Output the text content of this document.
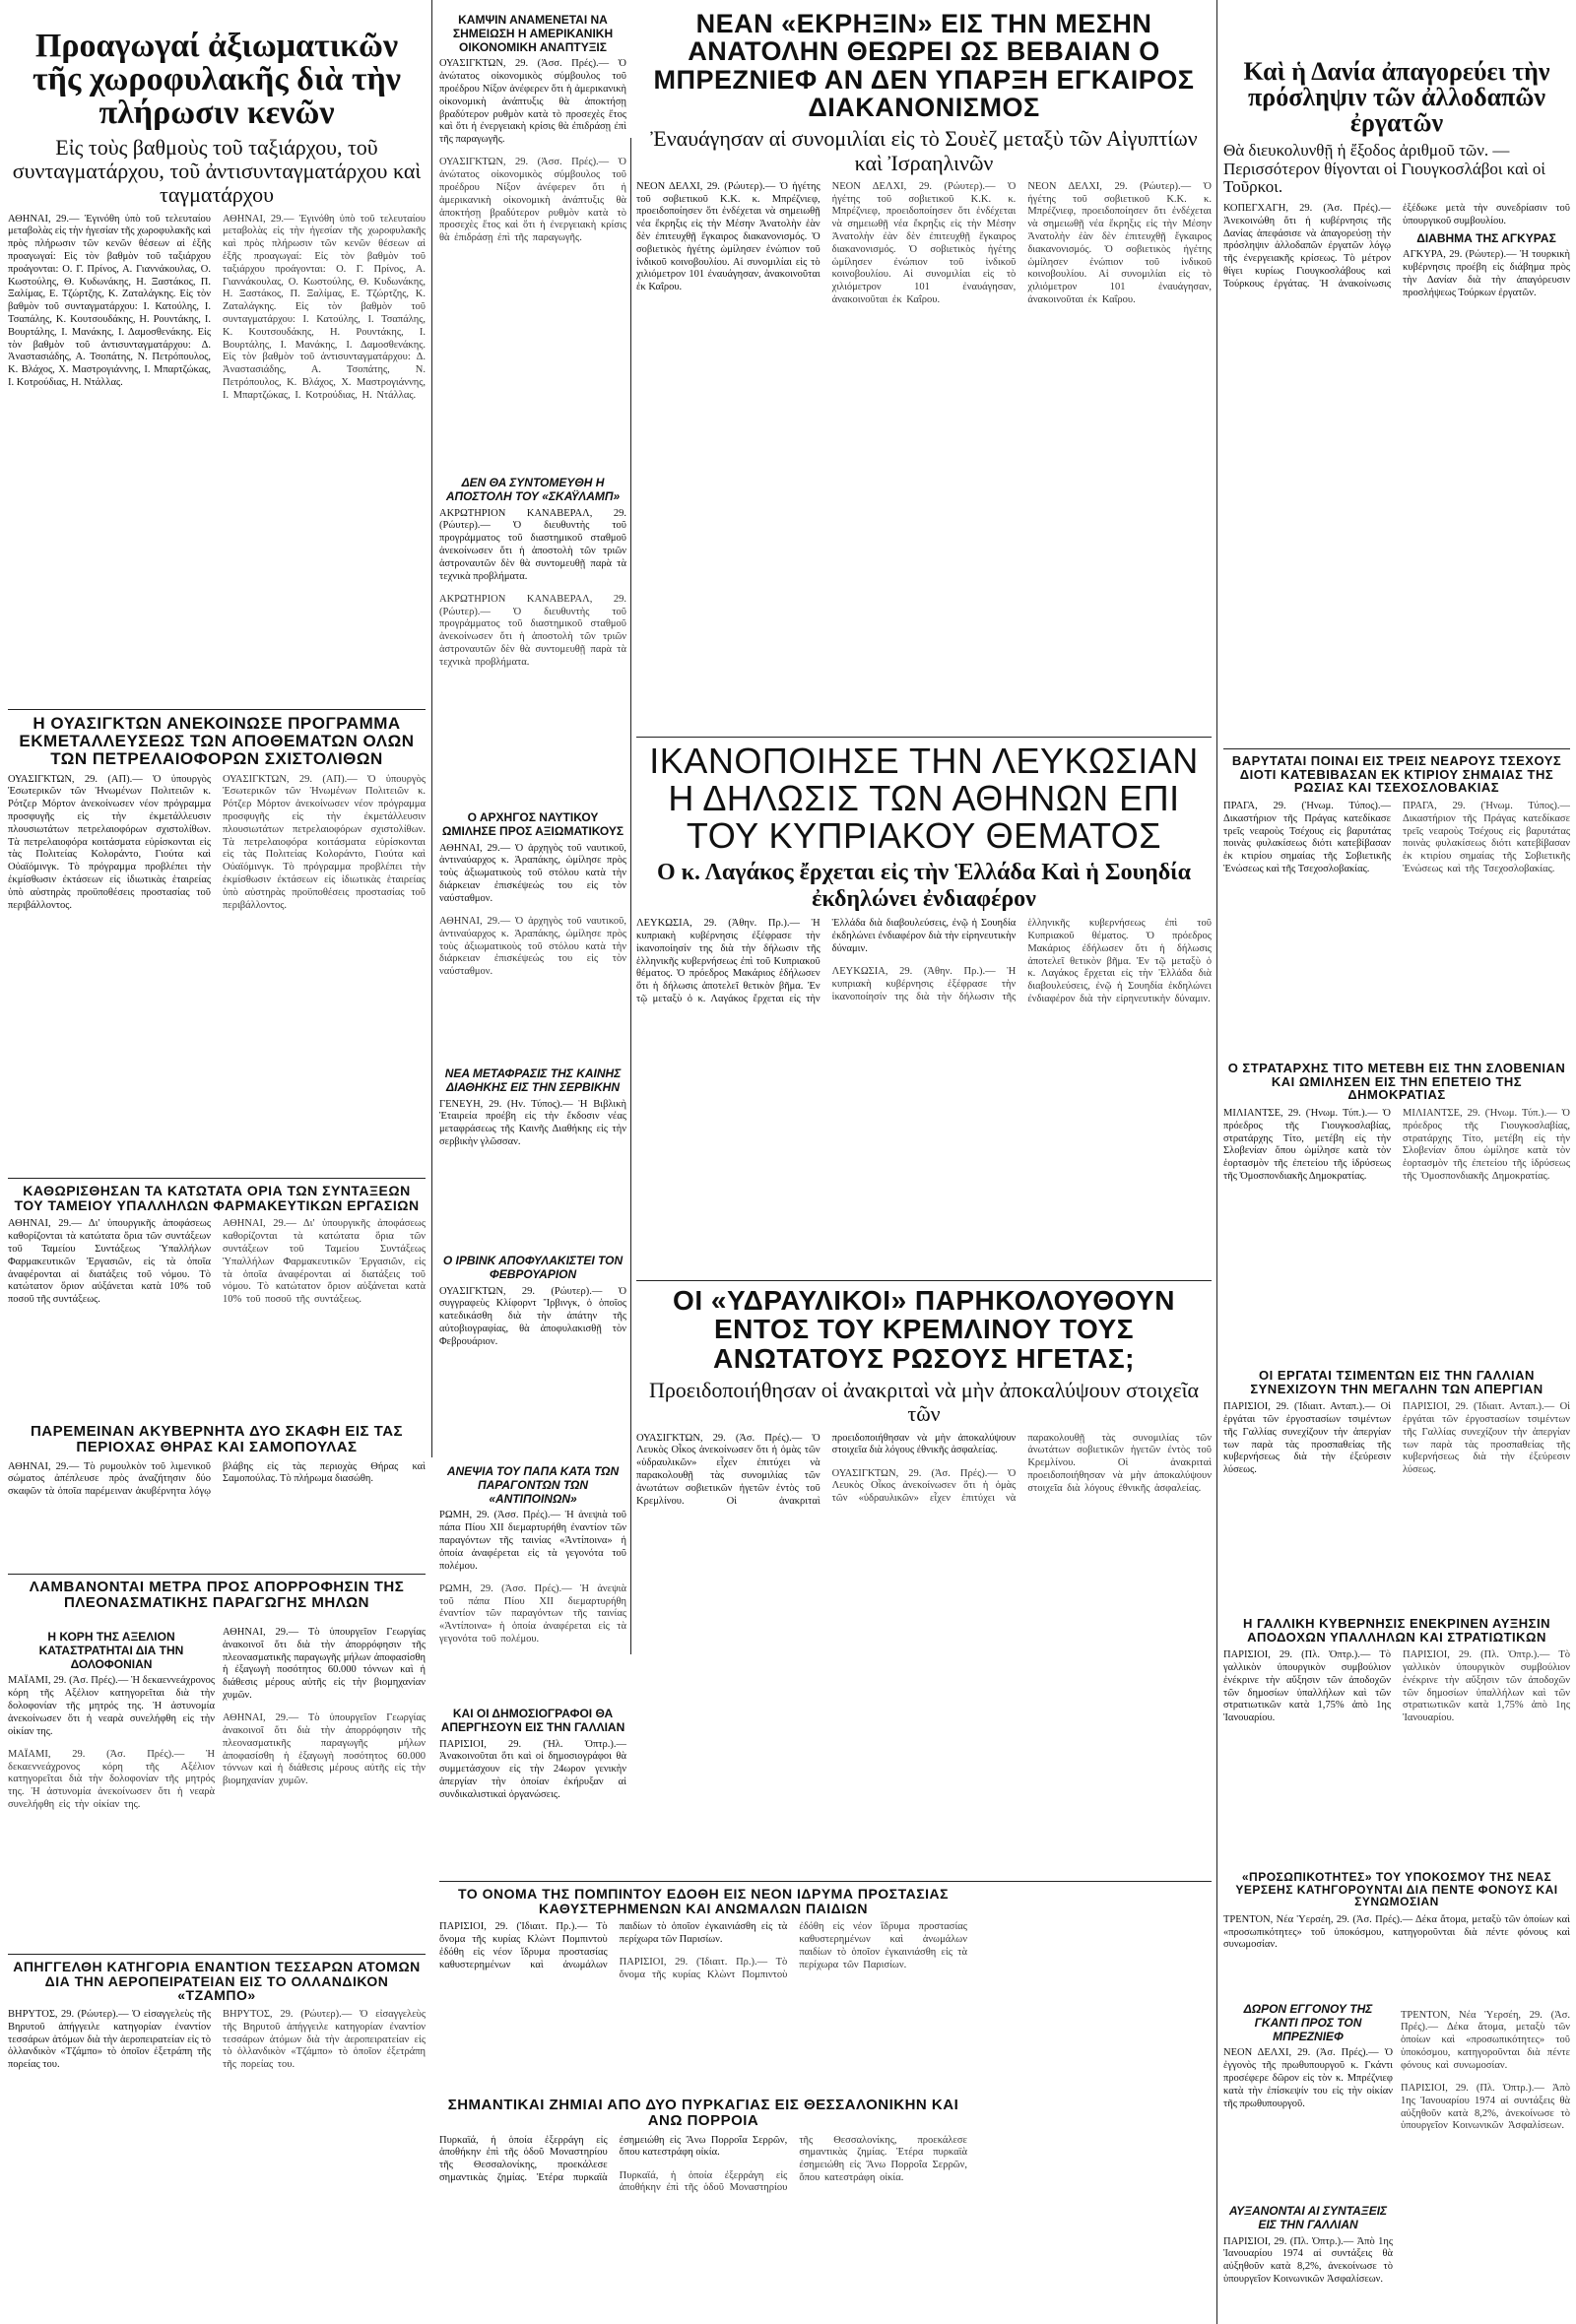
Προαγωγαί ἀξιωματικῶν τῆς χωροφυλακῆς διὰ τὴν πλήρωσιν κενῶν

Εἰς τοὺς βαθμοὺς τοῦ ταξιάρχου, τοῦ συνταγματάρχου, τοῦ ἀντισυνταγματάρχου καὶ ταγματάρχου

ΑΘΗΝΑΙ, 29.— Ἐγινόθη ὑπὸ τοῦ τελευταίου μεταβολὰς εἰς τὴν ἡγεσίαν τῆς χωροφυλακῆς καὶ πρὸς πλήρωσιν τῶν κενῶν θέσεων αἱ ἑξῆς προαγωγαί: Εἰς τὸν βαθμὸν τοῦ ταξιάρχου προάγονται: Ο. Γ. Πρίνος, Α. Γιαννάκουλας, Ο. Κωστούλης, Θ. Κυδωνάκης, Η. Ξαστάκος, Π. Ξαλίμας, Ε. Τζώρτζης, Κ. Ζαταλάγκης. Εἰς τὸν βαθμὸν τοῦ συνταγματάρχου: Ι. Κατούλης, Ι. Τσαπάλης, Κ. Κουτσουδάκης, Η. Ρουντάκης, Ι. Βουρτάλης, Ι. Μανάκης, Ι. Δαμοσθενάκης. Εἰς τὸν βαθμὸν τοῦ ἀντισυνταγματάρχου: Δ. Ἀναστασιάδης, Α. Τσοπάτης, Ν. Πετρόπουλος, Κ. Βλάχος, Χ. Μαστρογιάννης, Ι. Μπαρτζώκας, Ι. Κοτρούδιας, Η. Ντάλλας.

ΑΘΗΝΑΙ, 29.— Ἐγινόθη ὑπὸ τοῦ τελευταίου μεταβολὰς εἰς τὴν ἡγεσίαν τῆς χωροφυλακῆς καὶ πρὸς πλήρωσιν τῶν κενῶν θέσεων αἱ ἑξῆς προαγωγαί: Εἰς τὸν βαθμὸν τοῦ ταξιάρχου προάγονται: Ο. Γ. Πρίνος, Α. Γιαννάκουλας, Ο. Κωστούλης, Θ. Κυδωνάκης, Η. Ξαστάκος, Π. Ξαλίμας, Ε. Τζώρτζης, Κ. Ζαταλάγκης. Εἰς τὸν βαθμὸν τοῦ συνταγματάρχου: Ι. Κατούλης, Ι. Τσαπάλης, Κ. Κουτσουδάκης, Η. Ρουντάκης, Ι. Βουρτάλης, Ι. Μανάκης, Ι. Δαμοσθενάκης. Εἰς τὸν βαθμὸν τοῦ ἀντισυνταγματάρχου: Δ. Ἀναστασιάδης, Α. Τσοπάτης, Ν. Πετρόπουλος, Κ. Βλάχος, Χ. Μαστρογιάννης, Ι. Μπαρτζώκας, Ι. Κοτρούδιας, Η. Ντάλλας.

Η ΟΥΑΣΙΓΚΤΩΝ ΑΝΕΚΟΙΝΩΣΕ ΠΡΟΓΡΑΜΜΑ ΕΚΜΕΤΑΛΛΕΥΣΕΩΣ ΤΩΝ ΑΠΟΘΕΜΑΤΩΝ ΟΛΩΝ ΤΩΝ ΠΕΤΡΕΛΑΙΟΦΟΡΩΝ ΣΧΙΣΤΟΛΙΘΩΝ

ΟΥΑΣΙΓΚΤΩΝ, 29. (ΑΠ).— Ὁ ὑπουργὸς Ἐσωτερικῶν τῶν Ἡνωμένων Πολιτειῶν κ. Ρότζερ Μόρτον ἀνεκοίνωσεν νέον πρόγραμμα προσφυγῆς εἰς τὴν ἐκμετάλλευσιν πλουσιωτάτων πετρελαιοφόρων σχιστολίθων. Τὰ πετρελαιοφόρα κοιτάσματα εὑρίσκονται εἰς τὰς Πολιτείας Κολοράντο, Γιούτα καὶ Οὐαϊόμινγκ. Τὸ πρόγραμμα προβλέπει τὴν ἐκμίσθωσιν ἐκτάσεων εἰς ἰδιωτικὰς ἑταιρείας ὑπὸ αὐστηρὰς προϋποθέσεις προστασίας τοῦ περιβάλλοντος.

ΟΥΑΣΙΓΚΤΩΝ, 29. (ΑΠ).— Ὁ ὑπουργὸς Ἐσωτερικῶν τῶν Ἡνωμένων Πολιτειῶν κ. Ρότζερ Μόρτον ἀνεκοίνωσεν νέον πρόγραμμα προσφυγῆς εἰς τὴν ἐκμετάλλευσιν πλουσιωτάτων πετρελαιοφόρων σχιστολίθων. Τὰ πετρελαιοφόρα κοιτάσματα εὑρίσκονται εἰς τὰς Πολιτείας Κολοράντο, Γιούτα καὶ Οὐαϊόμινγκ. Τὸ πρόγραμμα προβλέπει τὴν ἐκμίσθωσιν ἐκτάσεων εἰς ἰδιωτικὰς ἑταιρείας ὑπὸ αὐστηρὰς προϋποθέσεις προστασίας τοῦ περιβάλλοντος.

ΚΑΘΩΡΙΣΘΗΣΑΝ ΤΑ ΚΑΤΩΤΑΤΑ ΟΡΙΑ ΤΩΝ ΣΥΝΤΑΞΕΩΝ ΤΟΥ ΤΑΜΕΙΟΥ ΥΠΑΛΛΗΛΩΝ ΦΑΡΜΑΚΕΥΤΙΚΩΝ ΕΡΓΑΣΙΩΝ

ΑΘΗΝΑΙ, 29.— Δι' ὑπουργικῆς ἀποφάσεως καθορίζονται τὰ κατώτατα ὅρια τῶν συντάξεων τοῦ Ταμείου Συντάξεως Ὑπαλλήλων Φαρμακευτικῶν Ἐργασιῶν, εἰς τὰ ὁποῖα ἀναφέρονται αἱ διατάξεις τοῦ νόμου. Τὸ κατώτατον ὅριον αὐξάνεται κατὰ 10% τοῦ ποσοῦ τῆς συντάξεως.

ΑΘΗΝΑΙ, 29.— Δι' ὑπουργικῆς ἀποφάσεως καθορίζονται τὰ κατώτατα ὅρια τῶν συντάξεων τοῦ Ταμείου Συντάξεως Ὑπαλλήλων Φαρμακευτικῶν Ἐργασιῶν, εἰς τὰ ὁποῖα ἀναφέρονται αἱ διατάξεις τοῦ νόμου. Τὸ κατώτατον ὅριον αὐξάνεται κατὰ 10% τοῦ ποσοῦ τῆς συντάξεως.

ΠΑΡΕΜΕΙΝΑΝ ΑΚΥΒΕΡΝΗΤΑ ΔΥΟ ΣΚΑΦΗ ΕΙΣ ΤΑΣ ΠΕΡΙΟΧΑΣ ΘΗΡΑΣ ΚΑΙ ΣΑΜΟΠΟΥΛΑΣ

ΑΘΗΝΑΙ, 29.— Τὸ ρυμουλκὸν τοῦ λιμενικοῦ σώματος ἀπέπλευσε πρὸς ἀναζήτησιν δύο σκαφῶν τὰ ὁποῖα παρέμειναν ἀκυβέρνητα λόγῳ βλάβης εἰς τὰς περιοχὰς Θήρας καὶ Σαμοπούλας. Τὸ πλήρωμα διασώθη.

ΛΑΜΒΑΝΟΝΤΑΙ ΜΕΤΡΑ ΠΡΟΣ ΑΠΟΡΡΟΦΗΣΙΝ ΤΗΣ ΠΛΕΟΝΑΣΜΑΤΙΚΗΣ ΠΑΡΑΓΩΓΗΣ ΜΗΛΩΝ
Η ΚΟΡΗ ΤΗΣ ΑΞΕΛΙΟΝ ΚΑΤΑΣΤΡΑΤΗΤΑΙ ΔΙΑ ΤΗΝ ΔΟΛΟΦΟΝΙΑΝ

ΜΑΪΑΜΙ, 29. (Ἀσ. Πρές).— Ἡ δεκαεννεάχρονος κόρη τῆς Αξέλιον κατηγορεῖται διὰ τὴν δολοφονίαν τῆς μητρός της. Ἡ ἀστυνομία ἀνεκοίνωσεν ὅτι ἡ νεαρὰ συνελήφθη εἰς τὴν οἰκίαν της.

ΜΑΪΑΜΙ, 29. (Ἀσ. Πρές).— Ἡ δεκαεννεάχρονος κόρη τῆς Αξέλιον κατηγορεῖται διὰ τὴν δολοφονίαν τῆς μητρός της. Ἡ ἀστυνομία ἀνεκοίνωσεν ὅτι ἡ νεαρὰ συνελήφθη εἰς τὴν οἰκίαν της.

ΑΘΗΝΑΙ, 29.— Τὸ ὑπουργεῖον Γεωργίας ἀνακοινοῖ ὅτι διὰ τὴν ἀπορρόφησιν τῆς πλεονασματικῆς παραγωγῆς μήλων ἀποφασίσθη ἡ ἐξαγωγὴ ποσότητος 60.000 τόννων καὶ ἡ διάθεσις μέρους αὐτῆς εἰς τὴν βιομηχανίαν χυμῶν.

ΑΘΗΝΑΙ, 29.— Τὸ ὑπουργεῖον Γεωργίας ἀνακοινοῖ ὅτι διὰ τὴν ἀπορρόφησιν τῆς πλεονασματικῆς παραγωγῆς μήλων ἀποφασίσθη ἡ ἐξαγωγὴ ποσότητος 60.000 τόννων καὶ ἡ διάθεσις μέρους αὐτῆς εἰς τὴν βιομηχανίαν χυμῶν.

ΑΠΗΓΓΕΛΘΗ ΚΑΤΗΓΟΡΙΑ ΕΝΑΝΤΙΟΝ ΤΕΣΣΑΡΩΝ ΑΤΟΜΩΝ ΔΙΑ ΤΗΝ ΑΕΡΟΠΕΙΡΑΤΕΙΑΝ ΕΙΣ ΤΟ ΟΛΛΑΝΔΙΚΟΝ «ΤΖΑΜΠΟ»

ΒΗΡΥΤΟΣ, 29. (Ρώυτερ).— Ὁ εἰσαγγελεὺς τῆς Βηρυτοῦ ἀπήγγειλε κατηγορίαν ἐναντίον τεσσάρων ἀτόμων διὰ τὴν ἀεροπειρατείαν εἰς τὸ ὀλλανδικὸν «Τζάμπο» τὸ ὁποῖον ἐξετράπη τῆς πορείας του.

ΒΗΡΥΤΟΣ, 29. (Ρώυτερ).— Ὁ εἰσαγγελεὺς τῆς Βηρυτοῦ ἀπήγγειλε κατηγορίαν ἐναντίον τεσσάρων ἀτόμων διὰ τὴν ἀεροπειρατείαν εἰς τὸ ὀλλανδικὸν «Τζάμπο» τὸ ὁποῖον ἐξετράπη τῆς πορείας του.

ΚΑΜΨΙΝ ΑΝΑΜΕΝΕΤΑΙ ΝΑ ΣΗΜΕΙΩΣΗ Η ΑΜΕΡΙΚΑΝΙΚΗ ΟΙΚΟΝΟΜΙΚΗ ΑΝΑΠΤΥΞΙΣ

ΟΥΑΣΙΓΚΤΩΝ, 29. (Ἀσσ. Πρές).— Ὁ ἀνώτατος οἰκονομικὸς σύμβουλος τοῦ προέδρου Νίξον ἀνέφερεν ὅτι ἡ ἀμερικανικὴ οἰκονομικὴ ἀνάπτυξις θὰ ἀποκτήσῃ βραδύτερον ρυθμὸν κατὰ τὸ προσεχὲς ἔτος καὶ ὅτι ἡ ἐνεργειακὴ κρίσις θὰ ἐπιδράσῃ ἐπὶ τῆς παραγωγῆς.

ΟΥΑΣΙΓΚΤΩΝ, 29. (Ἀσσ. Πρές).— Ὁ ἀνώτατος οἰκονομικὸς σύμβουλος τοῦ προέδρου Νίξον ἀνέφερεν ὅτι ἡ ἀμερικανικὴ οἰκονομικὴ ἀνάπτυξις θὰ ἀποκτήσῃ βραδύτερον ρυθμὸν κατὰ τὸ προσεχὲς ἔτος καὶ ὅτι ἡ ἐνεργειακὴ κρίσις θὰ ἐπιδράσῃ ἐπὶ τῆς παραγωγῆς.

ΔΕΝ ΘΑ ΣΥΝΤΟΜΕΥΘΗ Η ΑΠΟΣΤΟΛΗ ΤΟΥ «ΣΚΑΫΛΑΜΠ»

ΑΚΡΩΤΗΡΙΟΝ ΚΑΝΑΒΕΡΑΛ, 29. (Ρώυτερ).— Ὁ διευθυντὴς τοῦ προγράμματος τοῦ διαστημικοῦ σταθμοῦ ἀνεκοίνωσεν ὅτι ἡ ἀποστολὴ τῶν τριῶν ἀστροναυτῶν δὲν θὰ συντομευθῇ παρὰ τὰ τεχνικὰ προβλήματα.

ΑΚΡΩΤΗΡΙΟΝ ΚΑΝΑΒΕΡΑΛ, 29. (Ρώυτερ).— Ὁ διευθυντὴς τοῦ προγράμματος τοῦ διαστημικοῦ σταθμοῦ ἀνεκοίνωσεν ὅτι ἡ ἀποστολὴ τῶν τριῶν ἀστροναυτῶν δὲν θὰ συντομευθῇ παρὰ τὰ τεχνικὰ προβλήματα.

Ο ΑΡΧΗΓΟΣ ΝΑΥΤΙΚΟΥ ΩΜΙΛΗΣΕ ΠΡΟΣ ΑΞΙΩΜΑΤΙΚΟΥΣ

ΑΘΗΝΑΙ, 29.— Ὁ ἀρχηγὸς τοῦ ναυτικοῦ, ἀντιναύαρχος κ. Ἀραπάκης, ὡμίλησε πρὸς τοὺς ἀξιωματικοὺς τοῦ στόλου κατὰ τὴν διάρκειαν ἐπισκέψεώς του εἰς τὸν ναύσταθμον.

ΑΘΗΝΑΙ, 29.— Ὁ ἀρχηγὸς τοῦ ναυτικοῦ, ἀντιναύαρχος κ. Ἀραπάκης, ὡμίλησε πρὸς τοὺς ἀξιωματικοὺς τοῦ στόλου κατὰ τὴν διάρκειαν ἐπισκέψεώς του εἰς τὸν ναύσταθμον.

ΝΕΑ ΜΕΤΑΦΡΑΣΙΣ ΤΗΣ ΚΑΙΝΗΣ ΔΙΑΘΗΚΗΣ ΕΙΣ ΤΗΝ ΣΕΡΒΙΚΗΝ

ΓΕΝΕΥΗ, 29. (Ην. Τύπος).— Ἡ Βιβλικὴ Ἑταιρεία προέβη εἰς τὴν ἔκδοσιν νέας μεταφράσεως τῆς Καινῆς Διαθήκης εἰς τὴν σερβικὴν γλῶσσαν.

Ο ΙΡΒΙΝΚ ΑΠΟΦΥΛΑΚΙΣΤΕΙ ΤΟΝ ΦΕΒΡΟΥΑΡΙΟΝ

ΟΥΑΣΙΓΚΤΩΝ, 29. (Ρώυτερ).— Ὁ συγγραφεὺς Κλίφορντ Ἴρβινγκ, ὁ ὁποῖος κατεδικάσθη διὰ τὴν ἀπάτην τῆς αὐτοβιογραφίας, θὰ ἀποφυλακισθῇ τὸν Φεβρουάριον.

ΑΝΕΨΙΑ ΤΟΥ ΠΑΠΑ ΚΑΤΑ ΤΩΝ ΠΑΡΑΓΟΝΤΩΝ ΤΩΝ «ΑΝΤΙΠΟΙΝΩΝ»

ΡΩΜΗ, 29. (Ἀσσ. Πρές).— Ἡ ἀνεψιὰ τοῦ πάπα Πίου XII διεμαρτυρήθη ἐναντίον τῶν παραγόντων τῆς ταινίας «Ἀντίποινα» ἡ ὁποία ἀναφέρεται εἰς τὰ γεγονότα τοῦ πολέμου.

ΡΩΜΗ, 29. (Ἀσσ. Πρές).— Ἡ ἀνεψιὰ τοῦ πάπα Πίου XII διεμαρτυρήθη ἐναντίον τῶν παραγόντων τῆς ταινίας «Ἀντίποινα» ἡ ὁποία ἀναφέρεται εἰς τὰ γεγονότα τοῦ πολέμου.

ΚΑΙ ΟΙ ΔΗΜΟΣΙΟΓΡΑΦΟΙ ΘΑ ΑΠΕΡΓΗΣΟΥΝ ΕΙΣ ΤΗΝ ΓΑΛΛΙΑΝ

ΠΑΡΙΣΙΟΙ, 29. (Ἠλ. Ὀπτρ.).— Ἀνακοινοῦται ὅτι καὶ οἱ δημοσιογράφοι θὰ συμμετάσχουν εἰς τὴν 24ωρον γενικὴν ἀπεργίαν τὴν ὁποίαν ἐκήρυξαν αἱ συνδικαλιστικαὶ ὀργανώσεις.

ΝΕΑΝ «ΕΚΡΗΞΙΝ» ΕΙΣ ΤΗΝ ΜΕΣΗΝ ΑΝΑΤΟΛΗΝ ΘΕΩΡΕΙ ΩΣ ΒΕΒΑΙΑΝ Ο ΜΠΡΕΖΝΙΕΦ ΑΝ ΔΕΝ ΥΠΑΡΞΗ ΕΓΚΑΙΡΟΣ ΔΙΑΚΑΝΟΝΙΣΜΟΣ

Ἐναυάγησαν αἱ συνομιλίαι εἰς τὸ Σουὲζ μεταξὺ τῶν Αἰγυπτίων καὶ Ἰσραηλινῶν

ΝΕΟΝ ΔΕΛΧΙ, 29. (Ρώυτερ).— Ὁ ἡγέτης τοῦ σοβιετικοῦ Κ.Κ. κ. Μπρέζνιεφ, προειδοποίησεν ὅτι ἐνδέχεται νὰ σημειωθῇ νέα ἔκρηξις εἰς τὴν Μέσην Ἀνατολὴν ἐὰν δὲν ἐπιτευχθῇ ἔγκαιρος διακανονισμός. Ὁ σοβιετικὸς ἡγέτης ὡμίλησεν ἐνώπιον τοῦ ἰνδικοῦ κοινοβουλίου. Αἱ συνομιλίαι εἰς τὸ χιλιόμετρον 101 ἐναυάγησαν, ἀνακοινοῦται ἐκ Καΐρου.

ΝΕΟΝ ΔΕΛΧΙ, 29. (Ρώυτερ).— Ὁ ἡγέτης τοῦ σοβιετικοῦ Κ.Κ. κ. Μπρέζνιεφ, προειδοποίησεν ὅτι ἐνδέχεται νὰ σημειωθῇ νέα ἔκρηξις εἰς τὴν Μέσην Ἀνατολὴν ἐὰν δὲν ἐπιτευχθῇ ἔγκαιρος διακανονισμός. Ὁ σοβιετικὸς ἡγέτης ὡμίλησεν ἐνώπιον τοῦ ἰνδικοῦ κοινοβουλίου. Αἱ συνομιλίαι εἰς τὸ χιλιόμετρον 101 ἐναυάγησαν, ἀνακοινοῦται ἐκ Καΐρου.

ΝΕΟΝ ΔΕΛΧΙ, 29. (Ρώυτερ).— Ὁ ἡγέτης τοῦ σοβιετικοῦ Κ.Κ. κ. Μπρέζνιεφ, προειδοποίησεν ὅτι ἐνδέχεται νὰ σημειωθῇ νέα ἔκρηξις εἰς τὴν Μέσην Ἀνατολὴν ἐὰν δὲν ἐπιτευχθῇ ἔγκαιρος διακανονισμός. Ὁ σοβιετικὸς ἡγέτης ὡμίλησεν ἐνώπιον τοῦ ἰνδικοῦ κοινοβουλίου. Αἱ συνομιλίαι εἰς τὸ χιλιόμετρον 101 ἐναυάγησαν, ἀνακοινοῦται ἐκ Καΐρου.

ΙΚΑΝΟΠΟΙΗΣΕ ΤΗΝ ΛΕΥΚΩΣΙΑΝ Η ΔΗΛΩΣΙΣ ΤΩΝ ΑΘΗΝΩΝ ΕΠΙ ΤΟΥ ΚΥΠΡΙΑΚΟΥ ΘΕΜΑΤΟΣ

Ο κ. Λαγάκος ἔρχεται εἰς τὴν Ἑλλάδα Καὶ ἡ Σουηδία ἐκδηλώνει ἐνδιαφέρον

ΛΕΥΚΩΣΙΑ, 29. (Ἀθην. Πρ.).— Ἡ κυπριακὴ κυβέρνησις ἐξέφρασε τὴν ἱκανοποίησίν της διὰ τὴν δήλωσιν τῆς ἑλληνικῆς κυβερνήσεως ἐπὶ τοῦ Κυπριακοῦ θέματος. Ὁ πρόεδρος Μακάριος ἐδήλωσεν ὅτι ἡ δήλωσις ἀποτελεῖ θετικὸν βῆμα. Ἐν τῷ μεταξὺ ὁ κ. Λαγάκος ἔρχεται εἰς τὴν Ἑλλάδα διὰ διαβουλεύσεις, ἐνῷ ἡ Σουηδία ἐκδηλώνει ἐνδιαφέρον διὰ τὴν εἰρηνευτικὴν δύναμιν.

ΛΕΥΚΩΣΙΑ, 29. (Ἀθην. Πρ.).— Ἡ κυπριακὴ κυβέρνησις ἐξέφρασε τὴν ἱκανοποίησίν της διὰ τὴν δήλωσιν τῆς ἑλληνικῆς κυβερνήσεως ἐπὶ τοῦ Κυπριακοῦ θέματος. Ὁ πρόεδρος Μακάριος ἐδήλωσεν ὅτι ἡ δήλωσις ἀποτελεῖ θετικὸν βῆμα. Ἐν τῷ μεταξὺ ὁ κ. Λαγάκος ἔρχεται εἰς τὴν Ἑλλάδα διὰ διαβουλεύσεις, ἐνῷ ἡ Σουηδία ἐκδηλώνει ἐνδιαφέρον διὰ τὴν εἰρηνευτικὴν δύναμιν.

ΟΙ «ΥΔΡΑΥΛΙΚΟΙ» ΠΑΡΗΚΟΛΟΥΘΟΥΝ ΕΝΤΟΣ ΤΟΥ ΚΡΕΜΛΙΝΟΥ ΤΟΥΣ ΑΝΩΤΑΤΟΥΣ ΡΩΣΟΥΣ ΗΓΕΤΑΣ;

Προειδοποιήθησαν οἱ ἀνακριταὶ νὰ μὴν ἀποκαλύψουν στοιχεῖα τῶν

ΟΥΑΣΙΓΚΤΩΝ, 29. (Ἀσ. Πρές).— Ὁ Λευκὸς Οἶκος ἀνεκοίνωσεν ὅτι ἡ ὁμὰς τῶν «ὑδραυλικῶν» εἶχεν ἐπιτύχει νὰ παρακολουθῇ τὰς συνομιλίας τῶν ἀνωτάτων σοβιετικῶν ἡγετῶν ἐντὸς τοῦ Κρεμλίνου. Οἱ ἀνακριταὶ προειδοποιήθησαν νὰ μὴν ἀποκαλύψουν στοιχεῖα διὰ λόγους ἐθνικῆς ἀσφαλείας.

ΟΥΑΣΙΓΚΤΩΝ, 29. (Ἀσ. Πρές).— Ὁ Λευκὸς Οἶκος ἀνεκοίνωσεν ὅτι ἡ ὁμὰς τῶν «ὑδραυλικῶν» εἶχεν ἐπιτύχει νὰ παρακολουθῇ τὰς συνομιλίας τῶν ἀνωτάτων σοβιετικῶν ἡγετῶν ἐντὸς τοῦ Κρεμλίνου. Οἱ ἀνακριταὶ προειδοποιήθησαν νὰ μὴν ἀποκαλύψουν στοιχεῖα διὰ λόγους ἐθνικῆς ἀσφαλείας.

ΤΟ ΟΝΟΜΑ ΤΗΣ ΠΟΜΠΙΝΤΟΥ ΕΔΟΘΗ ΕΙΣ ΝΕΟΝ ΙΔΡΥΜΑ ΠΡΟΣΤΑΣΙΑΣ ΚΑΘΥΣΤΕΡΗΜΕΝΩΝ ΚΑΙ ΑΝΩΜΑΛΩΝ ΠΑΙΔΙΩΝ

ΠΑΡΙΣΙΟΙ, 29. (Ἰδιαιτ. Πρ.).— Τὸ ὄνομα τῆς κυρίας Κλὼντ Πομπιντοὺ ἐδόθη εἰς νέον ἵδρυμα προστασίας καθυστερημένων καὶ ἀνωμάλων παιδίων τὸ ὁποῖον ἐγκαινιάσθη εἰς τὰ περίχωρα τῶν Παρισίων.

ΠΑΡΙΣΙΟΙ, 29. (Ἰδιαιτ. Πρ.).— Τὸ ὄνομα τῆς κυρίας Κλὼντ Πομπιντοὺ ἐδόθη εἰς νέον ἵδρυμα προστασίας καθυστερημένων καὶ ἀνωμάλων παιδίων τὸ ὁποῖον ἐγκαινιάσθη εἰς τὰ περίχωρα τῶν Παρισίων.

ΣΗΜΑΝΤΙΚΑΙ ΖΗΜΙΑΙ ΑΠΟ ΔΥΟ ΠΥΡΚΑΓΙΑΣ ΕΙΣ ΘΕΣΣΑΛΟΝΙΚΗΝ ΚΑΙ ΑΝΩ ΠΟΡΡΟΙΑ

Πυρκαϊά, ἡ ὁποία ἐξερράγη εἰς ἀποθήκην ἐπὶ τῆς ὁδοῦ Μοναστηρίου τῆς Θεσσαλονίκης, προεκάλεσε σημαντικὰς ζημίας. Ἑτέρα πυρκαϊὰ ἐσημειώθη εἰς Ἄνω Πορροΐα Σερρῶν, ὅπου κατεστράφη οἰκία.

Πυρκαϊά, ἡ ὁποία ἐξερράγη εἰς ἀποθήκην ἐπὶ τῆς ὁδοῦ Μοναστηρίου τῆς Θεσσαλονίκης, προεκάλεσε σημαντικὰς ζημίας. Ἑτέρα πυρκαϊὰ ἐσημειώθη εἰς Ἄνω Πορροΐα Σερρῶν, ὅπου κατεστράφη οἰκία.

Καὶ ἡ Δανία ἀπαγορεύει τὴν πρόσληψιν τῶν ἀλλοδαπῶν ἐργατῶν

Θὰ διευκολυνθῇ ἡ ἔξοδος ἀριθμοῦ τῶν. — Περισσότερον θίγονται οἱ Γιουγκοσλάβοι καὶ οἱ Τοῦρκοι.

ΚΟΠΕΓΧΑΓΗ, 29. (Ἀσ. Πρές).— Ἀνεκοινώθη ὅτι ἡ κυβέρνησις τῆς Δανίας ἀπεφάσισε νὰ ἀπαγορεύσῃ τὴν πρόσληψιν ἀλλοδαπῶν ἐργατῶν λόγῳ τῆς ἐνεργειακῆς κρίσεως. Τὸ μέτρον θίγει κυρίως Γιουγκοσλάβους καὶ Τούρκους ἐργάτας. Ἡ ἀνακοίνωσις ἐξέδωκε μετὰ τὴν συνεδρίασιν τοῦ ὑπουργικοῦ συμβουλίου.

ΔΙΑΒΗΜΑ ΤΗΣ ΑΓΚΥΡΑΣ

ΑΓΚΥΡΑ, 29. (Ρώυτερ).— Ἡ τουρκικὴ κυβέρνησις προέβη εἰς διάβημα πρὸς τὴν Δανίαν διὰ τὴν ἀπαγόρευσιν προσλήψεως Τούρκων ἐργατῶν.

ΒΑΡΥΤΑΤΑΙ ΠΟΙΝΑΙ ΕΙΣ ΤΡΕΙΣ ΝΕΑΡΟΥΣ ΤΣΕΧΟΥΣ ΔΙΟΤΙ ΚΑΤΕΒΙΒΑΣΑΝ ΕΚ ΚΤΙΡΙΟΥ ΣΗΜΑΙΑΣ ΤΗΣ ΡΩΣΙΑΣ ΚΑΙ ΤΣΕΧΟΣΛΟΒΑΚΙΑΣ

ΠΡΑΓΑ, 29. (Ἠνωμ. Τύπος).— Δικαστήριον τῆς Πράγας κατεδίκασε τρεῖς νεαροὺς Τσέχους εἰς βαρυτάτας ποινὰς φυλακίσεως διότι κατεβίβασαν ἐκ κτιρίου σημαίας τῆς Σοβιετικῆς Ἑνώσεως καὶ τῆς Τσεχοσλοβακίας.

ΠΡΑΓΑ, 29. (Ἠνωμ. Τύπος).— Δικαστήριον τῆς Πράγας κατεδίκασε τρεῖς νεαροὺς Τσέχους εἰς βαρυτάτας ποινὰς φυλακίσεως διότι κατεβίβασαν ἐκ κτιρίου σημαίας τῆς Σοβιετικῆς Ἑνώσεως καὶ τῆς Τσεχοσλοβακίας.

Ο ΣΤΡΑΤΑΡΧΗΣ ΤΙΤΟ ΜΕΤΕΒΗ ΕΙΣ ΤΗΝ ΣΛΟΒΕΝΙΑΝ ΚΑΙ ΩΜΙΛΗΣΕΝ ΕΙΣ ΤΗΝ ΕΠΕΤΕΙΟ ΤΗΣ ΔΗΜΟΚΡΑΤΙΑΣ

ΜΙΛΙΑΝΤΣΕ, 29. (Ἠνωμ. Τύπ.).— Ὁ πρόεδρος τῆς Γιουγκοσλαβίας, στρατάρχης Τίτο, μετέβη εἰς τὴν Σλοβενίαν ὅπου ὡμίλησε κατὰ τὸν ἑορτασμὸν τῆς ἐπετείου τῆς ἱδρύσεως τῆς Ὁμοσπονδιακῆς Δημοκρατίας.

ΜΙΛΙΑΝΤΣΕ, 29. (Ἠνωμ. Τύπ.).— Ὁ πρόεδρος τῆς Γιουγκοσλαβίας, στρατάρχης Τίτο, μετέβη εἰς τὴν Σλοβενίαν ὅπου ὡμίλησε κατὰ τὸν ἑορτασμὸν τῆς ἐπετείου τῆς ἱδρύσεως τῆς Ὁμοσπονδιακῆς Δημοκρατίας.

ΟΙ ΕΡΓΑΤΑΙ ΤΣΙΜΕΝΤΩΝ ΕΙΣ ΤΗΝ ΓΑΛΛΙΑΝ ΣΥΝΕΧΙΖΟΥΝ ΤΗΝ ΜΕΓΑΛΗΝ ΤΩΝ ΑΠΕΡΓΙΑΝ

ΠΑΡΙΣΙΟΙ, 29. (Ἰδιαιτ. Ανταπ.).— Οἱ ἐργάται τῶν ἐργοστασίων τσιμέντων τῆς Γαλλίας συνεχίζουν τὴν ἀπεργίαν των παρὰ τὰς προσπαθείας τῆς κυβερνήσεως διὰ τὴν ἐξεύρεσιν λύσεως.

ΠΑΡΙΣΙΟΙ, 29. (Ἰδιαιτ. Ανταπ.).— Οἱ ἐργάται τῶν ἐργοστασίων τσιμέντων τῆς Γαλλίας συνεχίζουν τὴν ἀπεργίαν των παρὰ τὰς προσπαθείας τῆς κυβερνήσεως διὰ τὴν ἐξεύρεσιν λύσεως.

Η ΓΑΛΛΙΚΗ ΚΥΒΕΡΝΗΣΙΣ ΕΝΕΚΡΙΝΕΝ ΑΥΞΗΣΙΝ ΑΠΟΔΟΧΩΝ ΥΠΑΛΛΗΛΩΝ ΚΑΙ ΣΤΡΑΤΙΩΤΙΚΩΝ

ΠΑΡΙΣΙΟΙ, 29. (Πλ. Ὀπτρ.).— Τὸ γαλλικὸν ὑπουργικὸν συμβούλιον ἐνέκρινε τὴν αὔξησιν τῶν ἀποδοχῶν τῶν δημοσίων ὑπαλλήλων καὶ τῶν στρατιωτικῶν κατὰ 1,75% ἀπὸ 1ης Ἰανουαρίου.

ΠΑΡΙΣΙΟΙ, 29. (Πλ. Ὀπτρ.).— Τὸ γαλλικὸν ὑπουργικὸν συμβούλιον ἐνέκρινε τὴν αὔξησιν τῶν ἀποδοχῶν τῶν δημοσίων ὑπαλλήλων καὶ τῶν στρατιωτικῶν κατὰ 1,75% ἀπὸ 1ης Ἰανουαρίου.

«ΠΡΟΣΩΠΙΚΟΤΗΤΕΣ» ΤΟΥ ΥΠΟΚΟΣΜΟΥ ΤΗΣ ΝΕΑΣ ΥΕΡΣΕΗΣ ΚΑΤΗΓΟΡΟΥΝΤΑΙ ΔΙΑ ΠΕΝΤΕ ΦΟΝΟΥΣ ΚΑΙ ΣΥΝΩΜΟΣΙΑΝ

ΤΡΕΝΤΟΝ, Νέα Ὑερσέη, 29. (Ἀσ. Πρές).— Δέκα ἄτομα, μεταξὺ τῶν ὁποίων καὶ «προσωπικότητες» τοῦ ὑποκόσμου, κατηγοροῦνται διὰ πέντε φόνους καὶ συνωμοσίαν.

ΔΩΡΟΝ ΕΓΓΟΝΟΥ ΤΗΣ ΓΚΑΝΤΙ ΠΡΟΣ ΤΟΝ ΜΠΡΕΖΝΙΕΦ

ΝΕΟΝ ΔΕΛΧΙ, 29. (Ἀσ. Πρές).— Ὁ ἐγγονὸς τῆς πρωθυπουργοῦ κ. Γκάντι προσέφερε δῶρον εἰς τὸν κ. Μπρέζνιεφ κατὰ τὴν ἐπίσκεψίν του εἰς τὴν οἰκίαν τῆς πρωθυπουργοῦ.

ΑΥΞΑΝΟΝΤΑΙ ΑΙ ΣΥΝΤΑΞΕΙΣ ΕΙΣ ΤΗΝ ΓΑΛΛΙΑΝ

ΠΑΡΙΣΙΟΙ, 29. (Πλ. Ὀπτρ.).— Ἀπὸ 1ης Ἰανουαρίου 1974 αἱ συντάξεις θὰ αὐξηθοῦν κατὰ 8,2%, ἀνεκοίνωσε τὸ ὑπουργεῖον Κοινωνικῶν Ἀσφαλίσεων.

ΤΡΕΝΤΟΝ, Νέα Ὑερσέη, 29. (Ἀσ. Πρές).— Δέκα ἄτομα, μεταξὺ τῶν ὁποίων καὶ «προσωπικότητες» τοῦ ὑποκόσμου, κατηγοροῦνται διὰ πέντε φόνους καὶ συνωμοσίαν.

ΠΑΡΙΣΙΟΙ, 29. (Πλ. Ὀπτρ.).— Ἀπὸ 1ης Ἰανουαρίου 1974 αἱ συντάξεις θὰ αὐξηθοῦν κατὰ 8,2%, ἀνεκοίνωσε τὸ ὑπουργεῖον Κοινωνικῶν Ἀσφαλίσεων.
